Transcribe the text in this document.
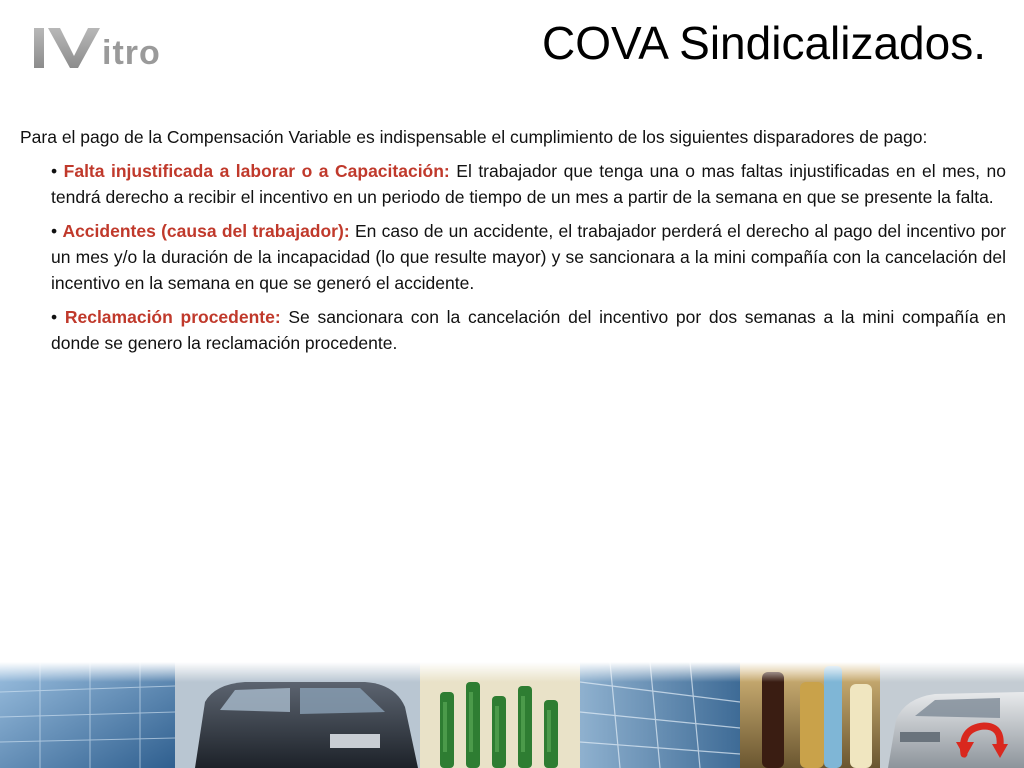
itro	COVA Sindicalizados.

Para el pago de la Compensación Variable es indispensable el cumplimiento de los siguientes disparadores de pago:

• Falta injustificada a laborar o a Capacitación: El trabajador que tenga una o mas faltas injustificadas en el mes, no tendrá derecho a recibir el incentivo en un periodo de tiempo de un mes a partir de la semana en que se presente la falta.

• Accidentes (causa del trabajador): En caso de un accidente, el trabajador perderá el derecho al pago del incentivo por un mes y/o la duración de la incapacidad (lo que resulte mayor) y se sancionara a la mini compañía con la cancelación del incentivo en la semana en que se generó el accidente.

• Reclamación procedente: Se sancionara con la cancelación del incentivo por dos semanas a la mini compañía en donde se genero la reclamación procedente.
